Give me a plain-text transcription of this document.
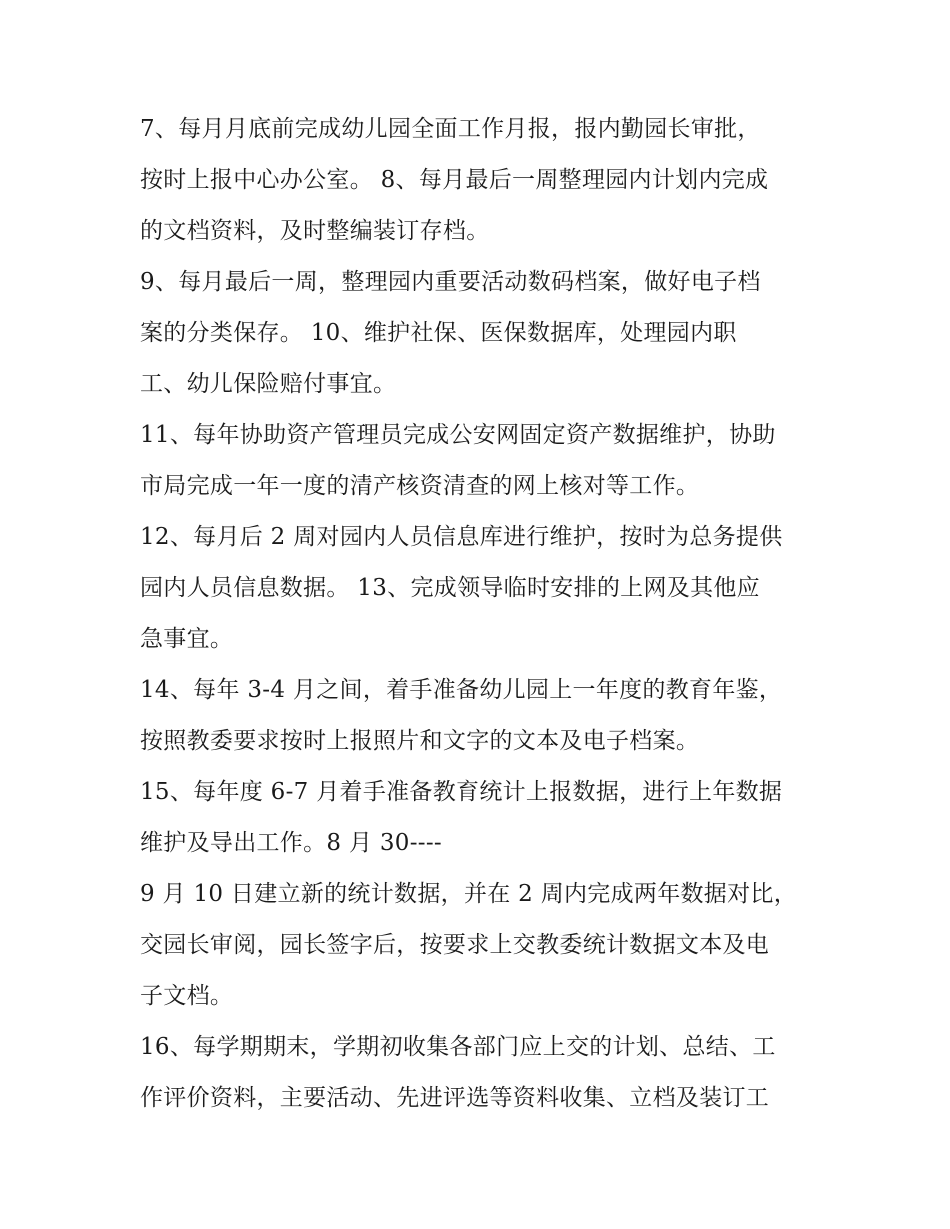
7、每月月底前完成幼儿园全面工作月报，报内勤园长审批，
按时上报中心办公室。 8、每月最后一周整理园内计划内完成
的文档资料，及时整编装订存档。
9、每月最后一周，整理园内重要活动数码档案，做好电子档
案的分类保存。 10、维护社保、医保数据库，处理园内职
工、幼儿保险赔付事宜。
11、每年协助资产管理员完成公安网固定资产数据维护，协助
市局完成一年一度的清产核资清查的网上核对等工作。
12、每月后 2 周对园内人员信息库进行维护，按时为总务提供
园内人员信息数据。 13、完成领导临时安排的上网及其他应
急事宜。
14、每年 3-4 月之间，着手准备幼儿园上一年度的教育年鉴，
按照教委要求按时上报照片和文字的文本及电子档案。
15、每年度 6-7 月着手准备教育统计上报数据，进行上年数据
维护及导出工作。8 月 30----
9 月 10 日建立新的统计数据，并在 2 周内完成两年数据对比，
交园长审阅，园长签字后，按要求上交教委统计数据文本及电
子文档。
16、每学期期末，学期初收集各部门应上交的计划、总结、工
作评价资料，主要活动、先进评选等资料收集、立档及装订工
